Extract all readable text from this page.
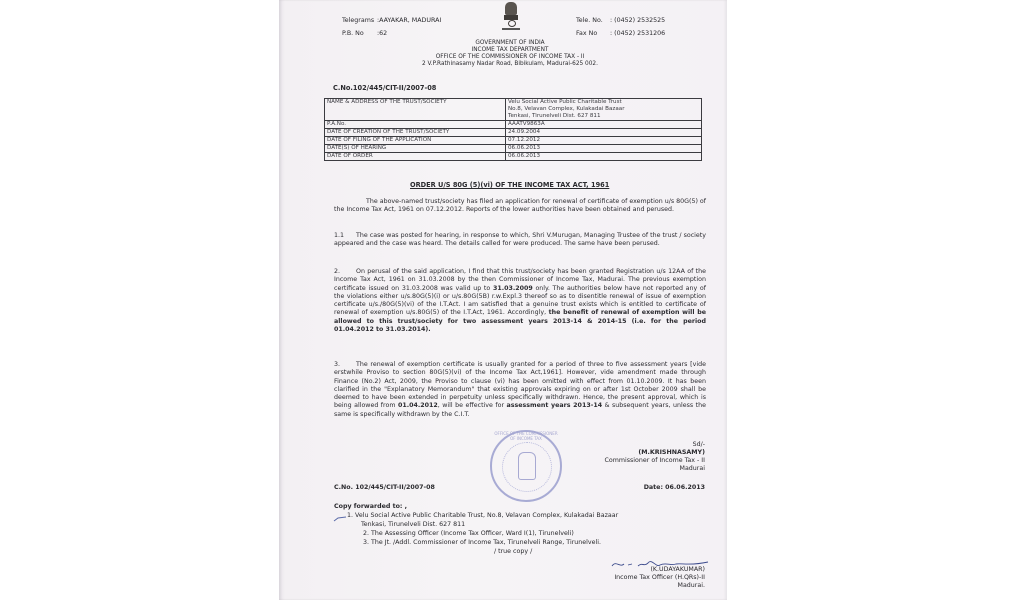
Telegrams :AAYAKAR, MADURAI
P.B. No :62
Tele. No. : (0452) 2532525
Fax No : (0452) 2531206
GOVERNMENT OF INDIA
INCOME TAX DEPARTMENT
OFFICE OF THE COMMISSIONER OF INCOME TAX - II
2 V.P.Rathinasamy Nadar Road, Bibikulam, Madurai-625 002.
C.No.102/445/CIT-II/2007-08
NAME & ADDRESS OF THE TRUST/SOCIETY	Velu Social Active Public Charitable Trust
No.8, Velavan Complex, Kulakadai Bazaar
Tenkasi, Tirunelveli Dist. 627 811

P.A.No.	AAATV9863A
DATE OF CREATION OF THE TRUST/SOCIETY	24.09.2004
DATE OF FILING OF THE APPLICATION	07.12.2012
DATE(S) OF HEARING	06.06.2013
DATE OF ORDER	06.06.2013
ORDER U/S 80G (5)(vi) OF THE INCOME TAX ACT, 1961
The above-named trust/society has filed an application for renewal of certificate of exemption u/s 80G(5) of the Income Tax Act, 1961 on 07.12.2012. Reports of the lower authorities have been obtained and perused.
1.1 The case was posted for hearing, in response to which, Shri V.Murugan, Managing Trustee of the trust / society appeared and the case was heard. The details called for were produced. The same have been perused.
2.	On perusal of the said application, I find that this trust/society has been granted Registration u/s 12AA of the Income Tax Act, 1961 on 31.03.2008 by the then Commissioner of Income Tax, Madurai. The previous exemption certificate issued on 31.03.2008 was valid up to 31.03.2009 only. The authorities below have not reported any of the violations either u/s.80G(5)(i) or u/s.80G(5B) r.w.Expl.3 thereof so as to disentitle renewal of issue of exemption certificate u/s./80G(5)(vi) of the I.T.Act. I am satisfied that a genuine trust exists which is entitled to certificate of renewal of exemption u/s.80G(5) of the I.T.Act, 1961. Accordingly, the benefit of renewal of exemption will be allowed to this trust/society for two assessment years 2013-14 & 2014-15 (i.e. for the period 01.04.2012 to 31.03.2014).
3.	The renewal of exemption certificate is usually granted for a period of three to five assessment years [vide erstwhile Proviso to section 80G(5)(vi) of the Income Tax Act,1961]. However, vide amendment made through Finance (No.2) Act, 2009, the Proviso to clause (vi) has been omitted with effect from 01.10.2009. It has been clarified in the "Explanatory Memorandum" that existing approvals expiring on or after 1st October 2009 shall be deemed to have been extended in perpetuity unless specifically withdrawn. Hence, the present approval, which is being allowed from 01.04.2012, will be effective for assessment years 2013-14 & subsequent years, unless the same is specifically withdrawn by the C.I.T.
Sd/-
(M.KRISHNASAMY)
Commissioner of Income Tax - II
Madurai
OFFICE OF THE COMMISSIONER OF INCOME TAX
C.No. 102/445/CIT-II/2007-08	Date: 06.06.2013
Copy forwarded to: ,
1. Velu Social Active Public Charitable Trust, No.8, Velavan Complex, Kulakadai Bazaar
Tenkasi, Tirunelveli Dist. 627 811
2. The Assessing Officer (Income Tax Officer, Ward I(1), Tirunelveli)
3. The Jt. /Addl. Commissioner of Income Tax, Tirunelveli Range, Tirunelveli.
/ true copy /
(K.UDAYAKUMAR)
Income Tax Officer (H.QRs)-II
Madurai.
